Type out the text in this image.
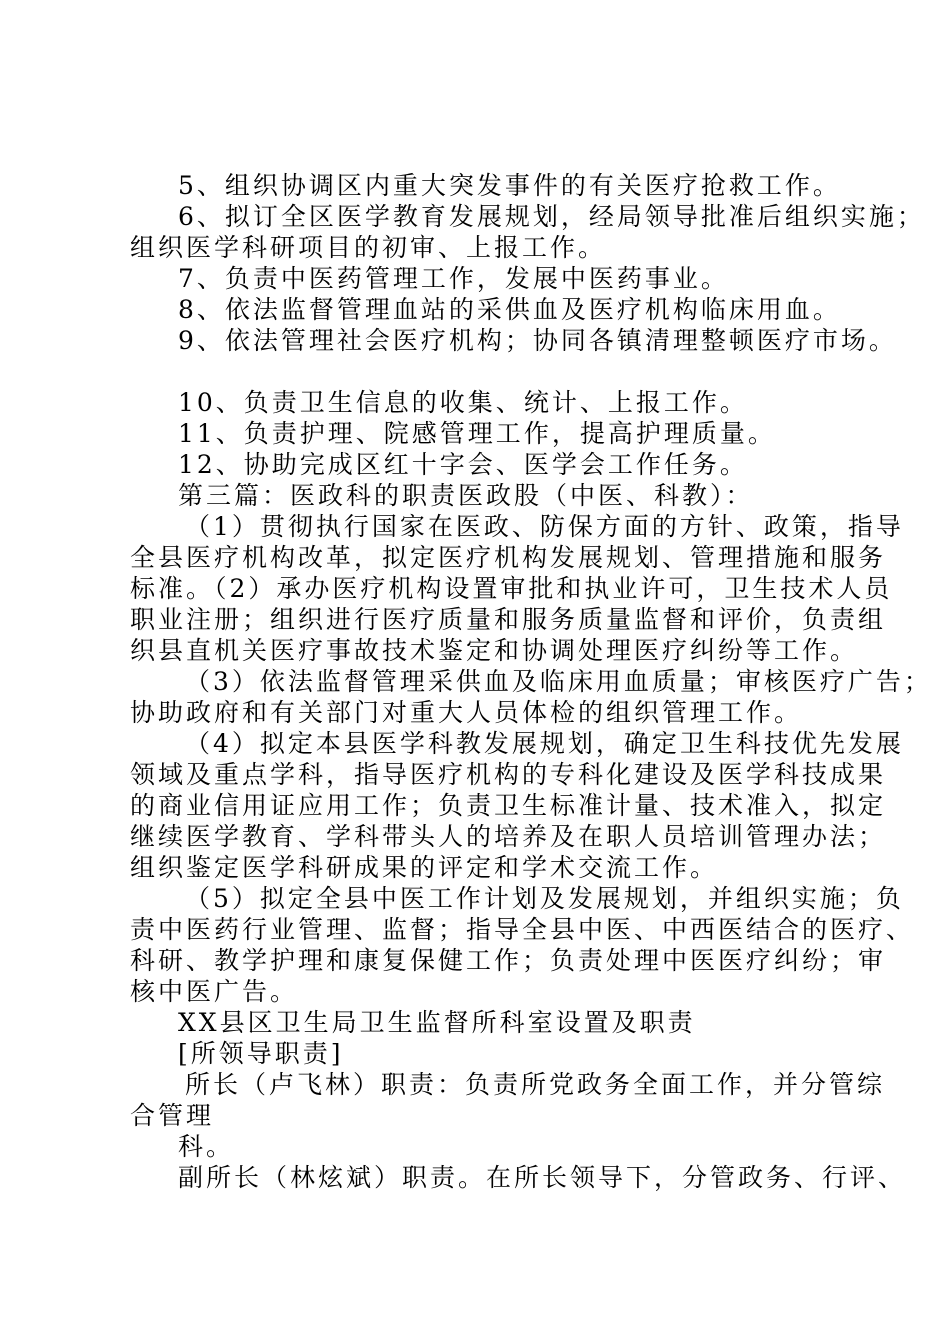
5、组织协调区内重大突发事件的有关医疗抢救工作。
6、拟订全区医学教育发展规划，经局领导批准后组织实施；
组织医学科研项目的初审、上报工作。
7、负责中医药管理工作，发展中医药事业。
8、依法监督管理血站的采供血及医疗机构临床用血。
9、依法管理社会医疗机构；协同各镇清理整顿医疗市场。
10、负责卫生信息的收集、统计、上报工作。
11、负责护理、院感管理工作，提高护理质量。
12、协助完成区红十字会、医学会工作任务。
第三篇：医政科的职责医政股（中医、科教）：
（1）贯彻执行国家在医政、防保方面的方针、政策，指导
全县医疗机构改革，拟定医疗机构发展规划、管理措施和服务
标准。（2）承办医疗机构设置审批和执业许可，卫生技术人员
职业注册；组织进行医疗质量和服务质量监督和评价，负责组
织县直机关医疗事故技术鉴定和协调处理医疗纠纷等工作。
（3）依法监督管理采供血及临床用血质量；审核医疗广告；
协助政府和有关部门对重大人员体检的组织管理工作。
（4）拟定本县医学科教发展规划，确定卫生科技优先发展
领域及重点学科，指导医疗机构的专科化建设及医学科技成果
的商业信用证应用工作；负责卫生标准计量、技术准入，拟定
继续医学教育、学科带头人的培养及在职人员培训管理办法；
组织鉴定医学科研成果的评定和学术交流工作。
（5）拟定全县中医工作计划及发展规划，并组织实施；负
责中医药行业管理、监督；指导全县中医、中西医结合的医疗、
科研、教学护理和康复保健工作；负责处理中医医疗纠纷；审
核中医广告。
XX县区卫生局卫生监督所科室设置及职责
[所领导职责]
所长（卢飞林）职责：负责所党政务全面工作，并分管综
合管理
科。
副所长（林炫斌）职责。在所长领导下，分管政务、行评、
